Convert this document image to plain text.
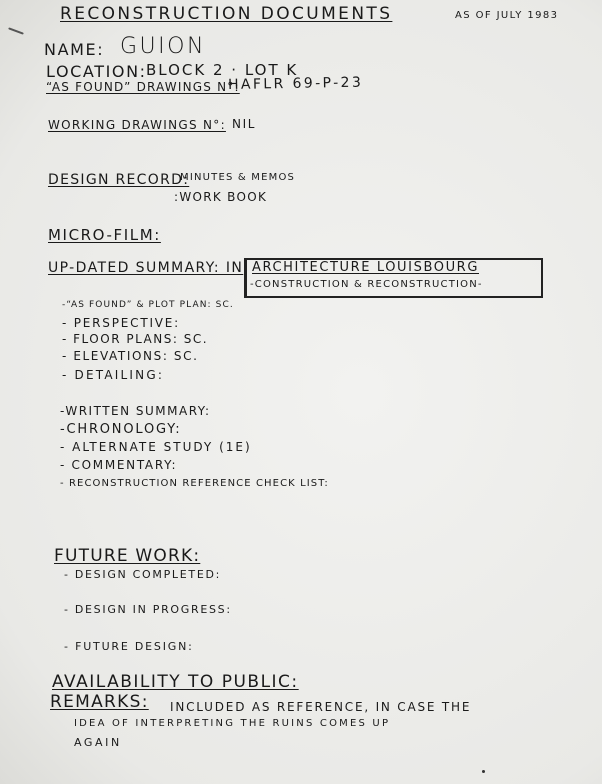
RECONSTRUCTION DOCUMENTS	AS OF JULY 1983
NAME: GUION
LOCATION: BLOCK 2 · LOT K
“AS FOUND” DRAWINGS N°:
HAFLR 69-P-23
WORKING DRAWINGS N°: NIL
DESIGN RECORD:
MINUTES & MEMOS
:WORK BOOK
MICRO-FILM:
UP-DATED SUMMARY: IN ARCHITECTURE LOUISBOURG
-CONSTRUCTION & RECONSTRUCTION-
-“AS FOUND” & PLOT PLAN: SC.
- PERSPECTIVE:
- FLOOR PLANS: SC.
- ELEVATIONS: SC.
- DETAILING:
-WRITTEN SUMMARY:
-CHRONOLOGY:
- ALTERNATE STUDY (1E)
- COMMENTARY:
- RECONSTRUCTION REFERENCE CHECK LIST:
FUTURE WORK:
- DESIGN COMPLETED:
- DESIGN IN PROGRESS:
- FUTURE DESIGN:
AVAILABILITY TO PUBLIC:
REMARKS: INCLUDED AS REFERENCE, IN CASE THE
IDEA OF INTERPRETING THE RUINS COMES UP
AGAIN
